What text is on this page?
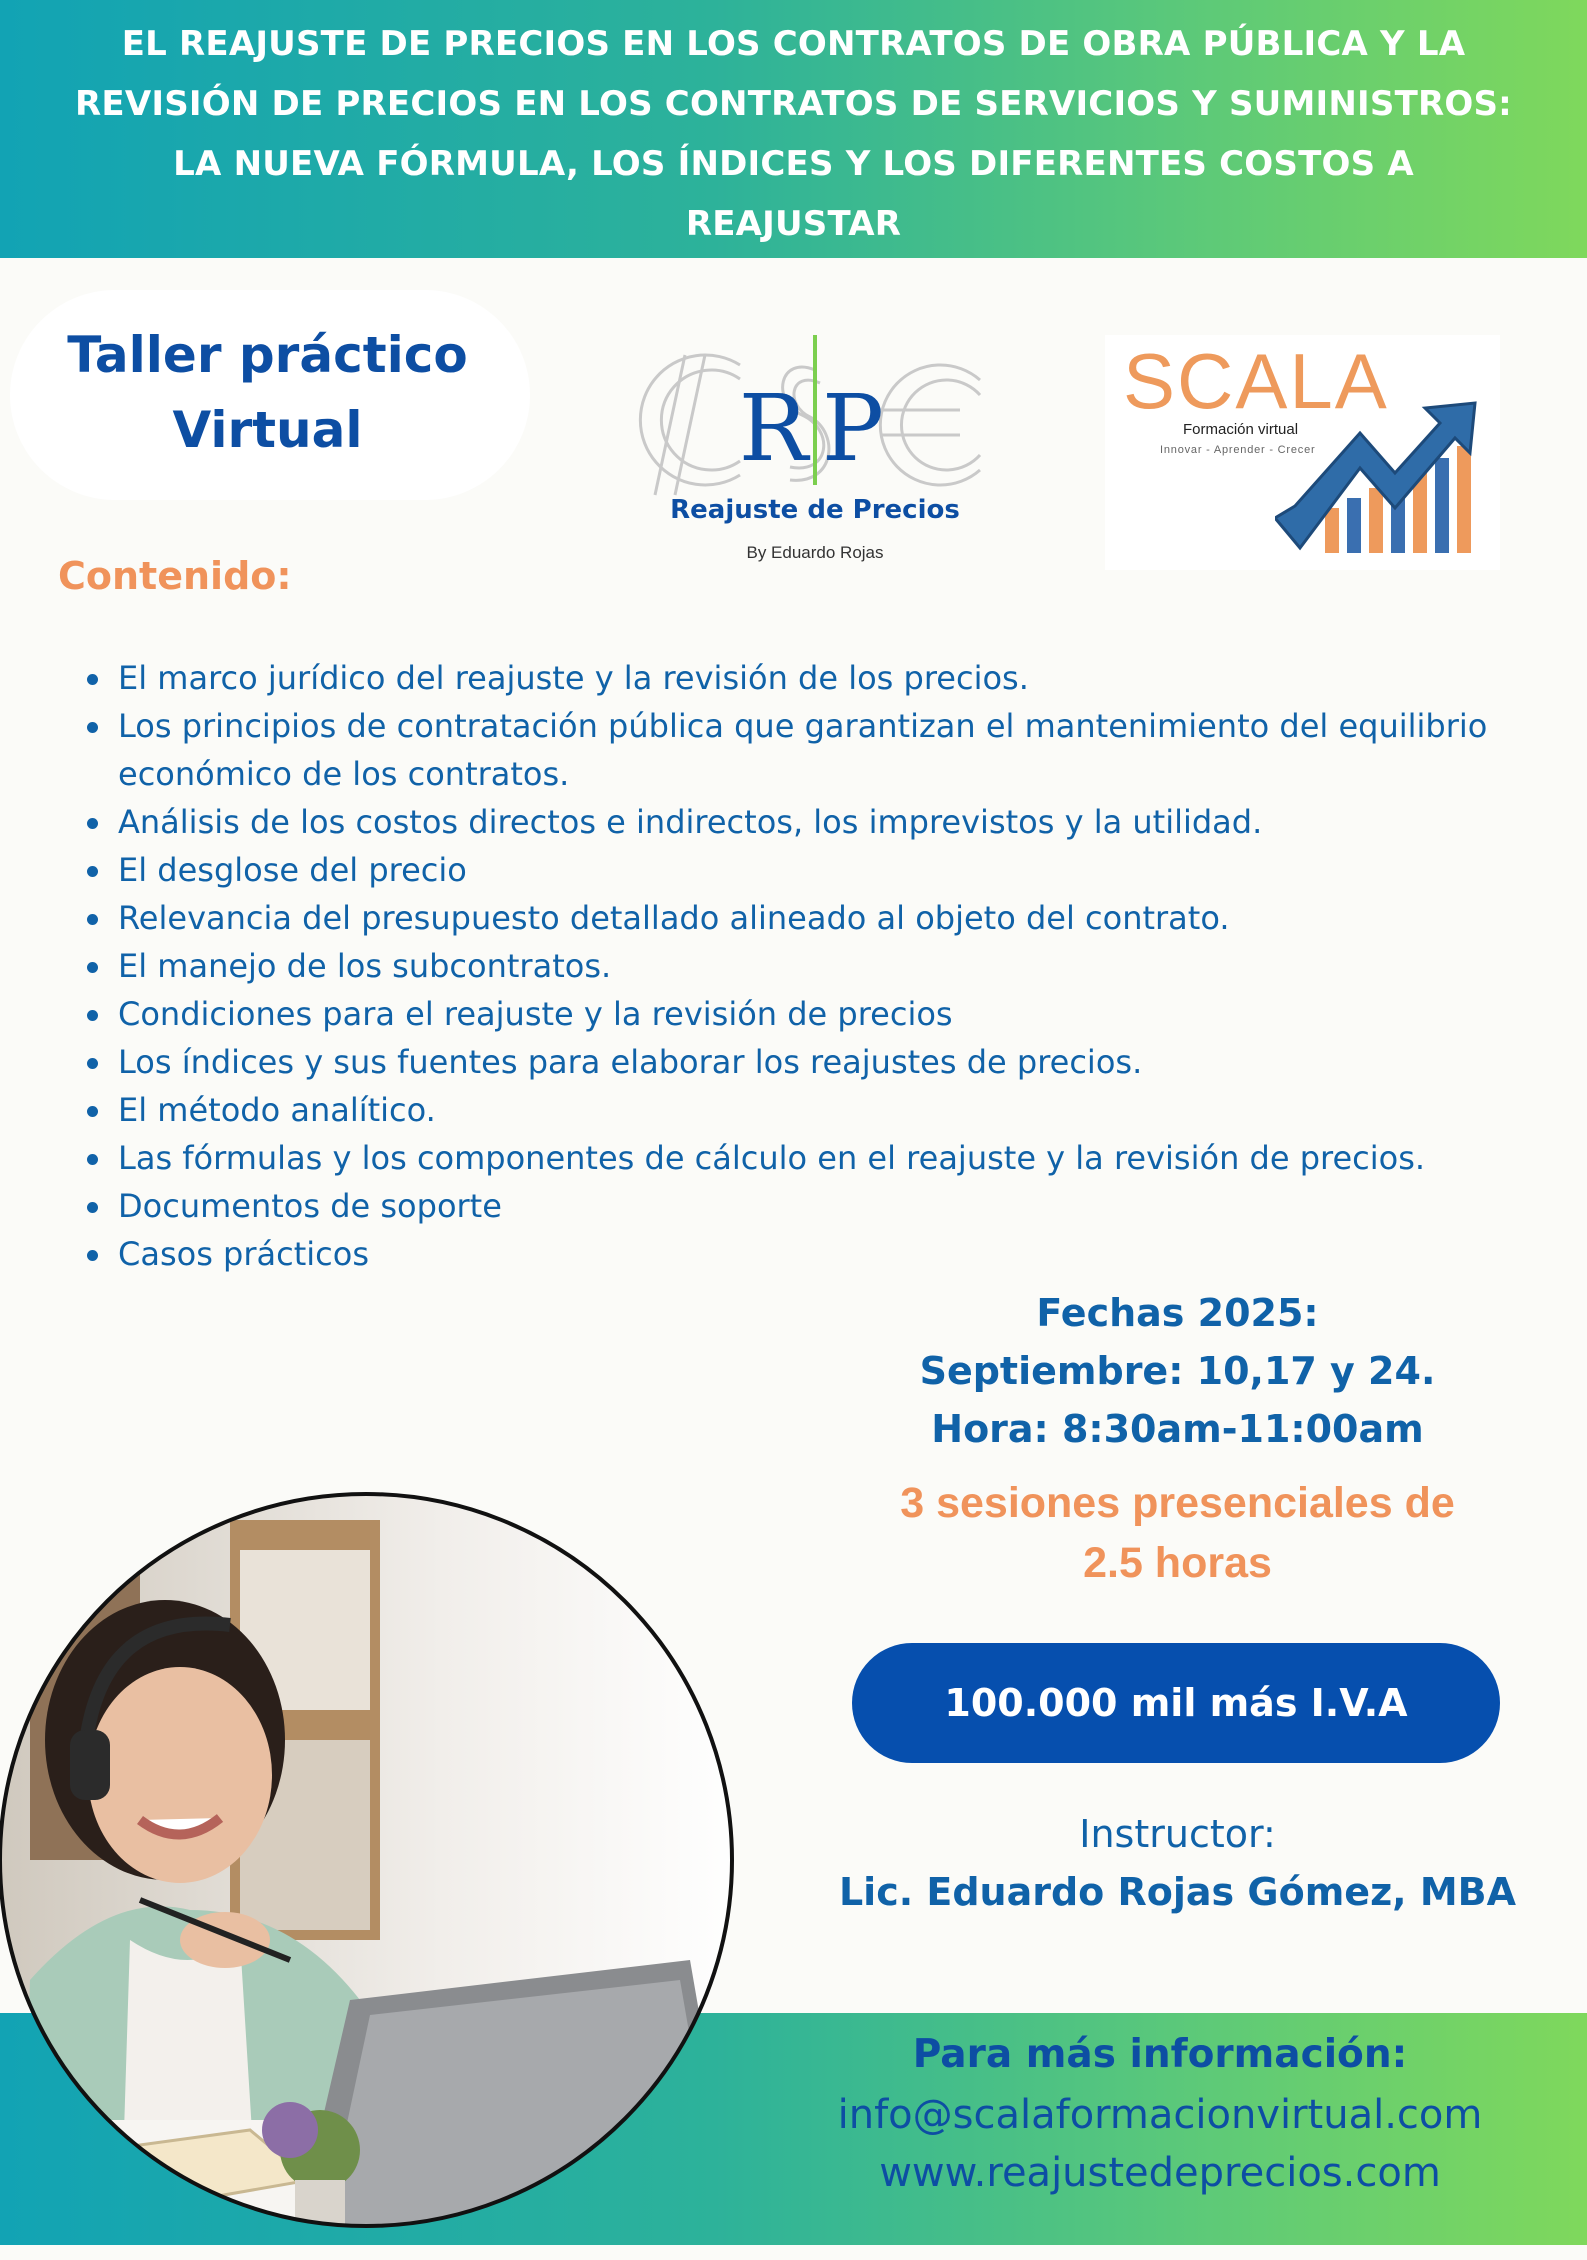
EL REAJUSTE DE PRECIOS EN LOS CONTRATOS DE OBRA PÚBLICA Y LA
REVISIÓN DE PRECIOS EN LOS CONTRATOS DE SERVICIOS Y SUMINISTROS:
LA NUEVA FÓRMULA, LOS ÍNDICES Y LOS DIFERENTES COSTOS A
REAJUSTAR
Taller práctico
Virtual	R P
Reajuste de Precios
By Eduardo Rojas
SCALA
Formación virtual
Innovar - Aprender - Crecer
Contenido:
El marco jurídico del reajuste y la revisión de los precios.
Los principios de contratación pública que garantizan el mantenimiento del equilibrio económico de los contratos.
Análisis de los costos directos e indirectos, los imprevistos y la utilidad.
El desglose del precio
Relevancia del presupuesto detallado alineado al objeto del contrato.
El manejo de los subcontratos.
Condiciones para el reajuste y la revisión de precios
Los índices y sus fuentes para elaborar los reajustes de precios.
El método analítico.
Las fórmulas y los componentes de cálculo en el reajuste y la revisión de precios.
Documentos de soporte
Casos prácticos
Fechas 2025:
Septiembre: 10,17 y 24.
Hora: 8:30am-11:00am
3 sesiones presenciales de
2.5 horas
100.000 mil más I.V.A
Instructor:
Lic. Eduardo Rojas Gómez, MBA
Para más información:
info@scalaformacionvirtual.com
www.reajustedeprecios.com
